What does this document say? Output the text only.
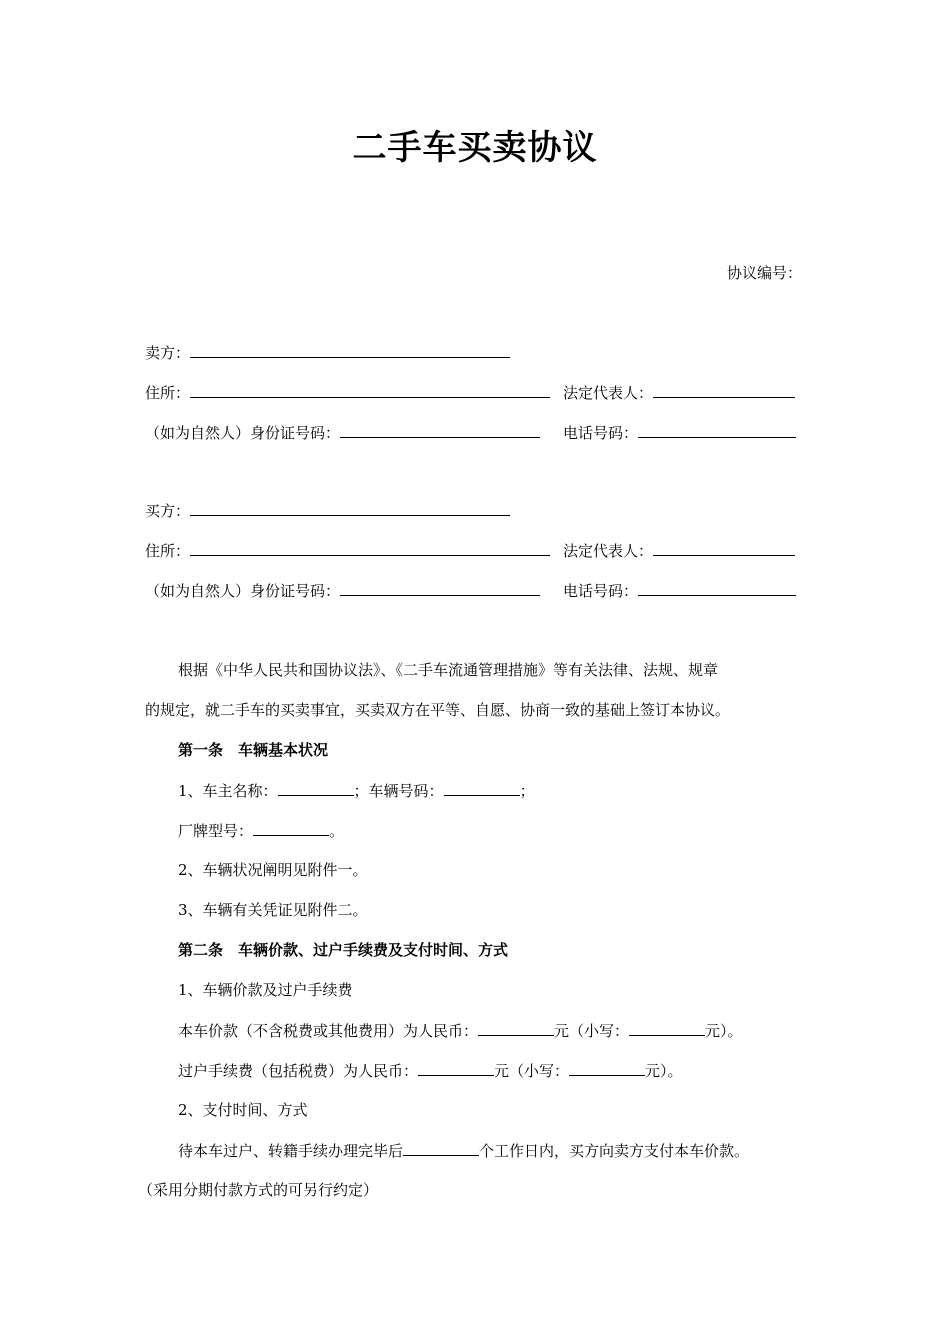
二手车买卖协议
协议编号：
卖方：
住所：	法定代表人：
（如为自然人）身份证号码：	电话号码：
买方：
住所：	法定代表人：
（如为自然人）身份证号码：	电话号码：
根据《中华人民共和国协议法》、《二手车流通管理措施》等有关法律、法规、规章
的规定，就二手车的买卖事宜，买卖双方在平等、自愿、协商一致的基础上签订本协议。
第一条　车辆基本状况
1、车主名称：	；车辆号码：	；
厂牌型号：	。
2、车辆状况阐明见附件一。
3、车辆有关凭证见附件二。
第二条　车辆价款、过户手续费及支付时间、方式
1、车辆价款及过户手续费
本车价款（不含税费或其他费用）为人民币：	元（小写：	元）。
过户手续费（包括税费）为人民币：	元（小写：	元）。
2、支付时间、方式
待本车过户、转籍手续办理完毕后	个工作日内，买方向卖方支付本车价款。
（采用分期付款方式的可另行约定）
